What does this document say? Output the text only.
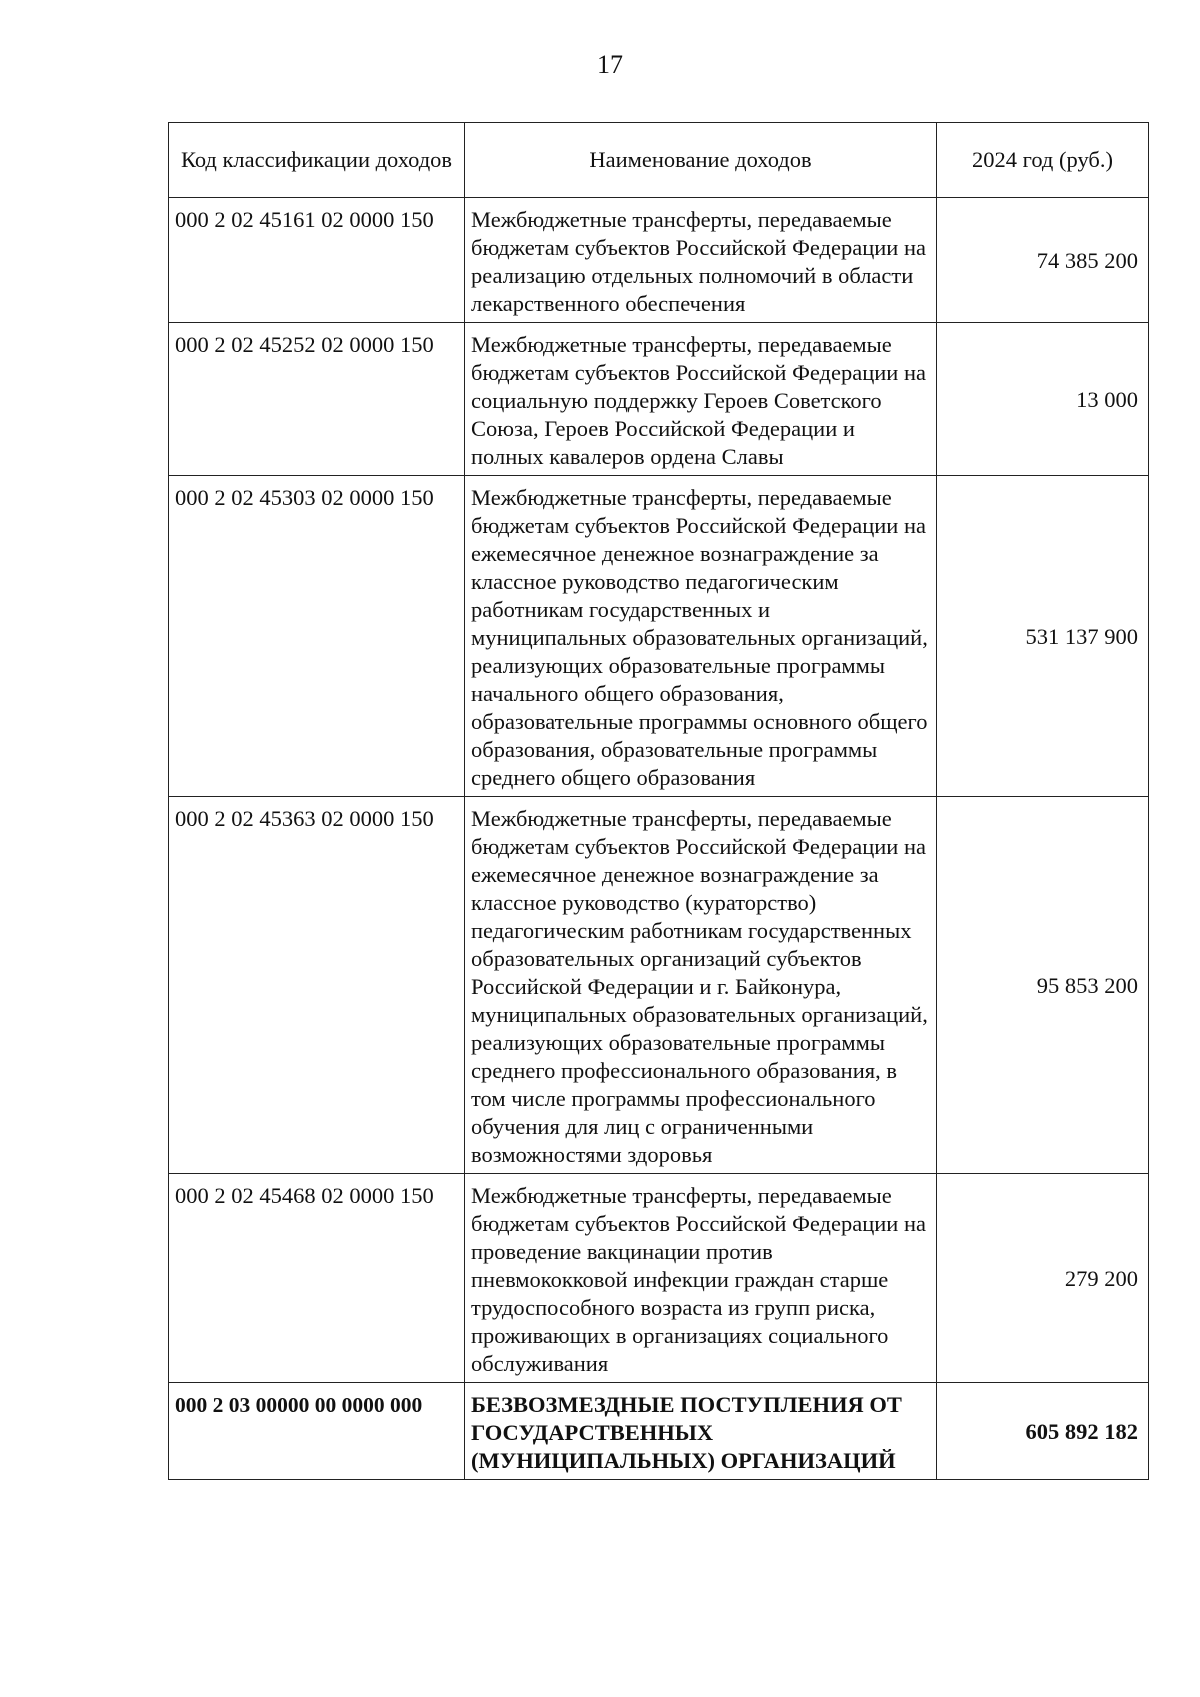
17
Код классификации доходов	Наименование доходов	2024 год (руб.)
000 2 02 45161 02 0000 150	Межбюджетные трансферты, передаваемые бюджетам субъектов Российской Федерации на реализацию отдельных полномочий в области лекарственного обеспечения	74 385 200
000 2 02 45252 02 0000 150	Межбюджетные трансферты, передаваемые бюджетам субъектов Российской Федерации на социальную поддержку Героев Советского Союза, Героев Российской Федерации и полных кавалеров ордена Славы	13 000
000 2 02 45303 02 0000 150	Межбюджетные трансферты, передаваемые бюджетам субъектов Российской Федерации на ежемесячное денежное вознаграждение за классное руководство педагогическим работникам государственных и муниципальных образовательных организаций, реализующих образовательные программы начального общего образования, образовательные программы основного общего образования, образовательные программы среднего общего образования	531 137 900
000 2 02 45363 02 0000 150	Межбюджетные трансферты, передаваемые бюджетам субъектов Российской Федерации на ежемесячное денежное вознаграждение за классное руководство (кураторство) педагогическим работникам государственных образовательных организаций субъектов Российской Федерации и г. Байконура, муниципальных образовательных организаций, реализующих образовательные программы среднего профессионального образования, в том числе программы профессионального обучения для лиц с ограниченными возможностями здоровья	95 853 200
000 2 02 45468 02 0000 150	Межбюджетные трансферты, передаваемые бюджетам субъектов Российской Федерации на проведение вакцинации против пневмококковой инфекции граждан старше трудоспособного возраста из групп риска, проживающих в организациях социального обслуживания	279 200
000 2 03 00000 00 0000 000	БЕЗВОЗМЕЗДНЫЕ ПОСТУПЛЕНИЯ ОТ ГОСУДАРСТВЕННЫХ (МУНИЦИПАЛЬНЫХ) ОРГАНИЗАЦИЙ	605 892 182
